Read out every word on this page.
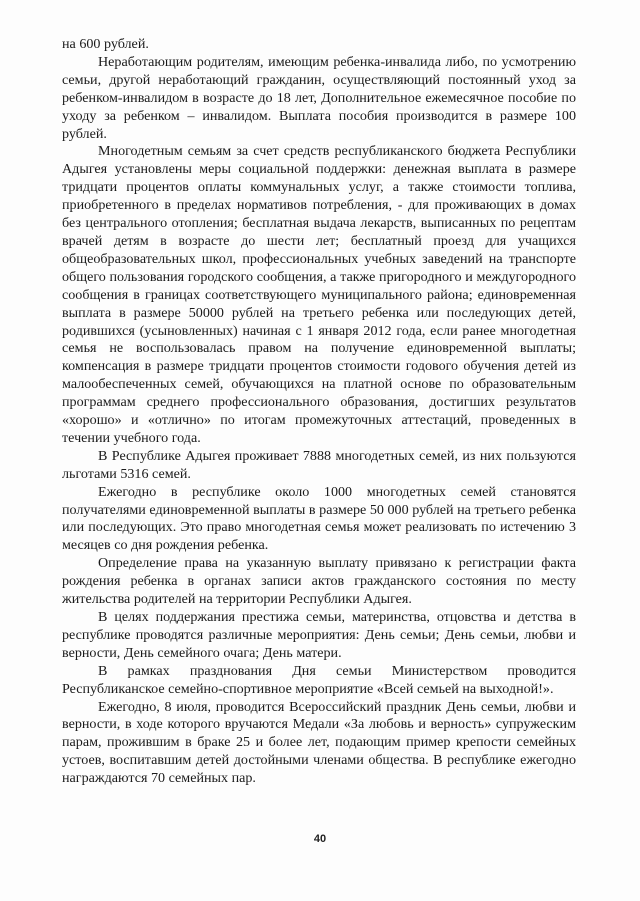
на 600 рублей.

Неработающим родителям, имеющим ребенка-инвалида либо, по усмотрению семьи, другой неработающий гражданин, осуществляющий постоянный уход за ребенком-инвалидом в возрасте до 18 лет, Дополнительное ежемесячное пособие по уходу за ребенком – инвалидом. Выплата пособия производится в размере 100 рублей.

Многодетным семьям за счет средств республиканского бюджета Республики Адыгея установлены меры социальной поддержки: денежная выплата в размере тридцати процентов оплаты коммунальных услуг, а также стоимости топлива, приобретенного в пределах нормативов потребления, - для проживающих в домах без центрального отопления; бесплатная выдача лекарств, выписанных по рецептам врачей детям в возрасте до шести лет; бесплатный проезд для учащихся общеобразовательных школ, профессиональных учебных заведений на транспорте общего пользования городского сообщения, а также пригородного и междугородного сообщения в границах соответствующего муниципального района; единовременная выплата в размере 50000 рублей на третьего ребенка или последующих детей, родившихся (усыновленных) начиная с 1 января 2012 года, если ранее многодетная семья не воспользовалась правом на получение единовременной выплаты; компенсация в размере тридцати процентов стоимости годового обучения детей из малообеспеченных семей, обучающихся на платной основе по образовательным программам среднего профессионального образования, достигших результатов «хорошо» и «отлично» по итогам промежуточных аттестаций, проведенных в течении учебного года.

В Республике Адыгея проживает 7888 многодетных семей, из них пользуются льготами 5316 семей.

Ежегодно в республике около 1000 многодетных семей становятся получателями единовременной выплаты в размере 50 000 рублей на третьего ребенка или последующих. Это право многодетная семья может реализовать по истечению 3 месяцев со дня рождения ребенка.

Определение права на указанную выплату привязано к регистрации факта рождения ребенка в органах записи актов гражданского состояния по месту жительства родителей на территории Республики Адыгея.

В целях поддержания престижа семьи, материнства, отцовства и детства в республике проводятся различные мероприятия: День семьи; День семьи, любви и верности, День семейного очага; День матери.

В рамках празднования Дня семьи Министерством проводится Республиканское семейно-спортивное мероприятие «Всей семьей на выходной!».

Ежегодно, 8 июля, проводится Всероссийский праздник День семьи, любви и верности, в ходе которого вручаются Медали «За любовь и верность» супружеским парам, прожившим в браке 25 и более лет, подающим пример крепости семейных устоев, воспитавшим детей достойными членами общества. В республике ежегодно награждаются 70 семейных пар.

40
